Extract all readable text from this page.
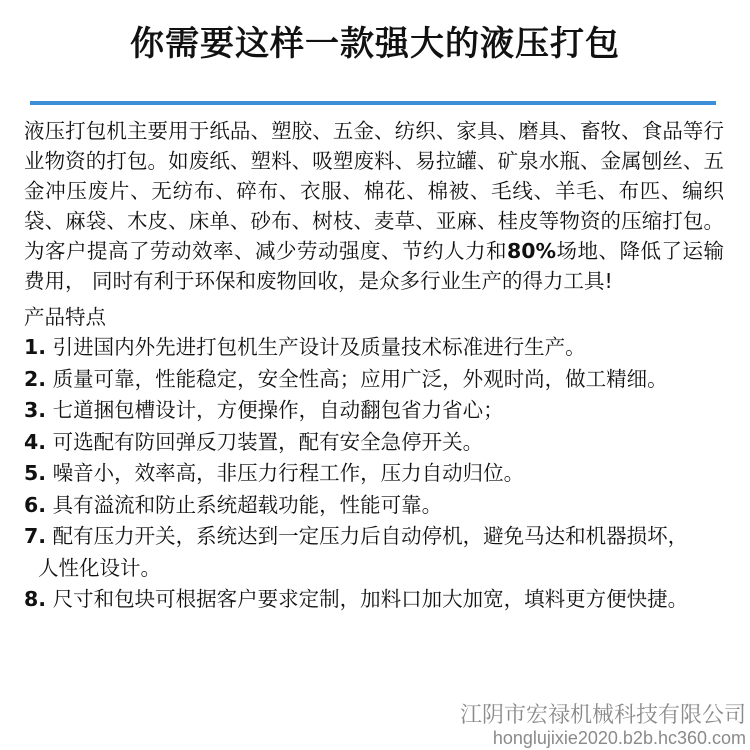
你需要这样一款强大的液压打包

液压打包机主要用于纸品、塑胶、五金、纺织、家具、磨具、畜牧、食品等行业物资的打包。如废纸、塑料、吸塑废料、易拉罐、矿泉水瓶、金属刨丝、五金冲压废片、无纺布、碎布、衣服、棉花、棉被、毛线、羊毛、布匹、编织袋、麻袋、木皮、床单、砂布、树枝、麦草、亚麻、桂皮等物资的压缩打包。为客户提高了劳动效率、减少劳动强度、节约人力和80%场地、降低了运输费用， 同时有利于环保和废物回收，是众多行业生产的得力工具!

产品特点
1. 引进国内外先进打包机生产设计及质量技术标准进行生产。
2. 质量可靠，性能稳定，安全性高；应用广泛，外观时尚，做工精细。
3. 七道捆包槽设计，方便操作，自动翻包省力省心；
4. 可选配有防回弹反刀装置，配有安全急停开关。
5. 噪音小，效率高，非压力行程工作，压力自动归位。
6. 具有溢流和防止系统超载功能，性能可靠。
7. 配有压力开关，系统达到一定压力后自动停机，避免马达和机器损坏，
人性化设计。
8. 尺寸和包块可根据客户要求定制，加料口加大加宽，填料更方便快捷。
江阴市宏禄机械科技有限公司
honglujixie2020.b2b.hc360.com
